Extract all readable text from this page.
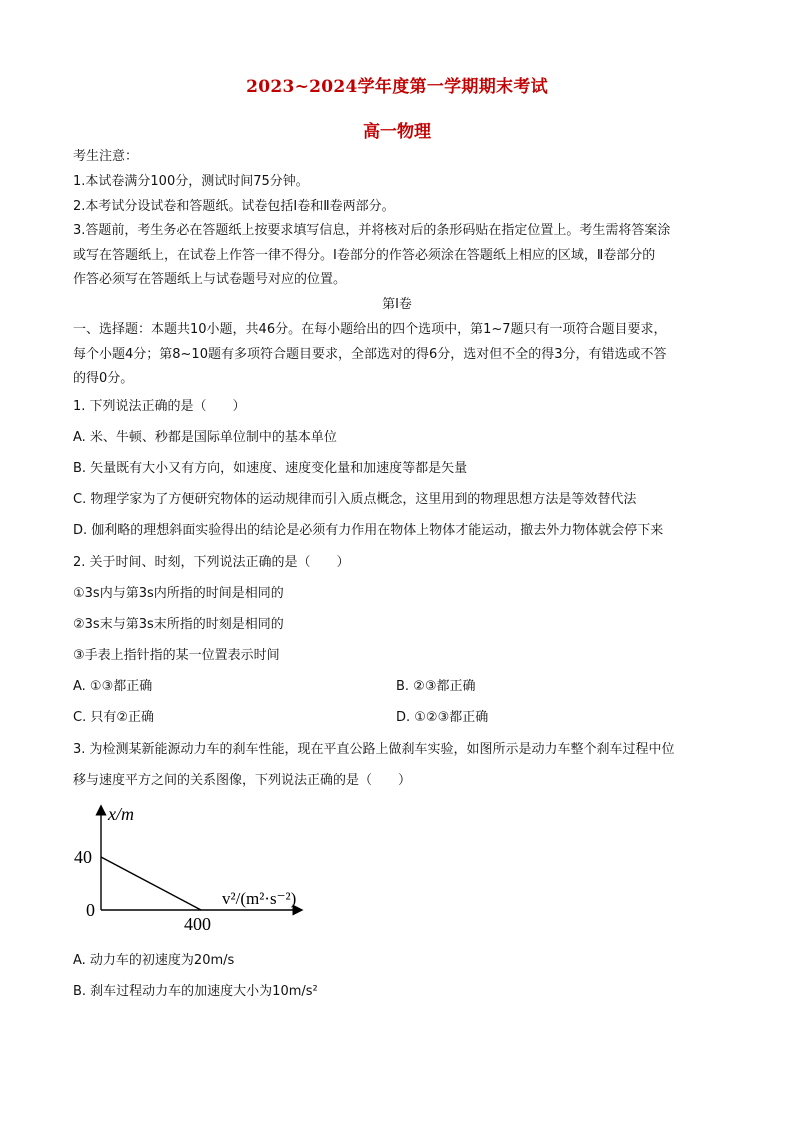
2023~2024学年度第一学期期末考试
高一物理
考生注意：
1.本试卷满分100分，测试时间75分钟。
2.本考试分设试卷和答题纸。试卷包括Ⅰ卷和Ⅱ卷两部分。
3.答题前，考生务必在答题纸上按要求填写信息，并将核对后的条形码贴在指定位置上。考生需将答案涂
或写在答题纸上，在试卷上作答一律不得分。Ⅰ卷部分的作答必须涂在答题纸上相应的区域，Ⅱ卷部分的
作答必须写在答题纸上与试卷题号对应的位置。
第Ⅰ卷
一、选择题：本题共10小题，共46分。在每小题给出的四个选项中，第1~7题只有一项符合题目要求，
每个小题4分；第8~10题有多项符合题目要求，全部选对的得6分，选对但不全的得3分，有错选或不答
的得0分。
1. 下列说法正确的是（　　）
A. 米、牛顿、秒都是国际单位制中的基本单位
B. 矢量既有大小又有方向，如速度、速度变化量和加速度等都是矢量
C. 物理学家为了方便研究物体的运动规律而引入质点概念，这里用到的物理思想方法是等效替代法
D. 伽利略的理想斜面实验得出的结论是必须有力作用在物体上物体才能运动，撤去外力物体就会停下来
2. 关于时间、时刻，下列说法正确的是（　　）
①3s内与第3s内所指的时间是相同的
②3s末与第3s末所指的时刻是相同的
③手表上指针指的某一位置表示时间
A. ①③都正确	B. ②③都正确
C. 只有②正确	D. ①②③都正确
3. 为检测某新能源动力车的刹车性能，现在平直公路上做刹车实验，如图所示是动力车整个刹车过程中位
移与速度平方之间的关系图像，下列说法正确的是（　　）
x/m
40
0
400
v²/(m²·s⁻²)
A. 动力车的初速度为20m/s
B. 刹车过程动力车的加速度大小为10m/s²
